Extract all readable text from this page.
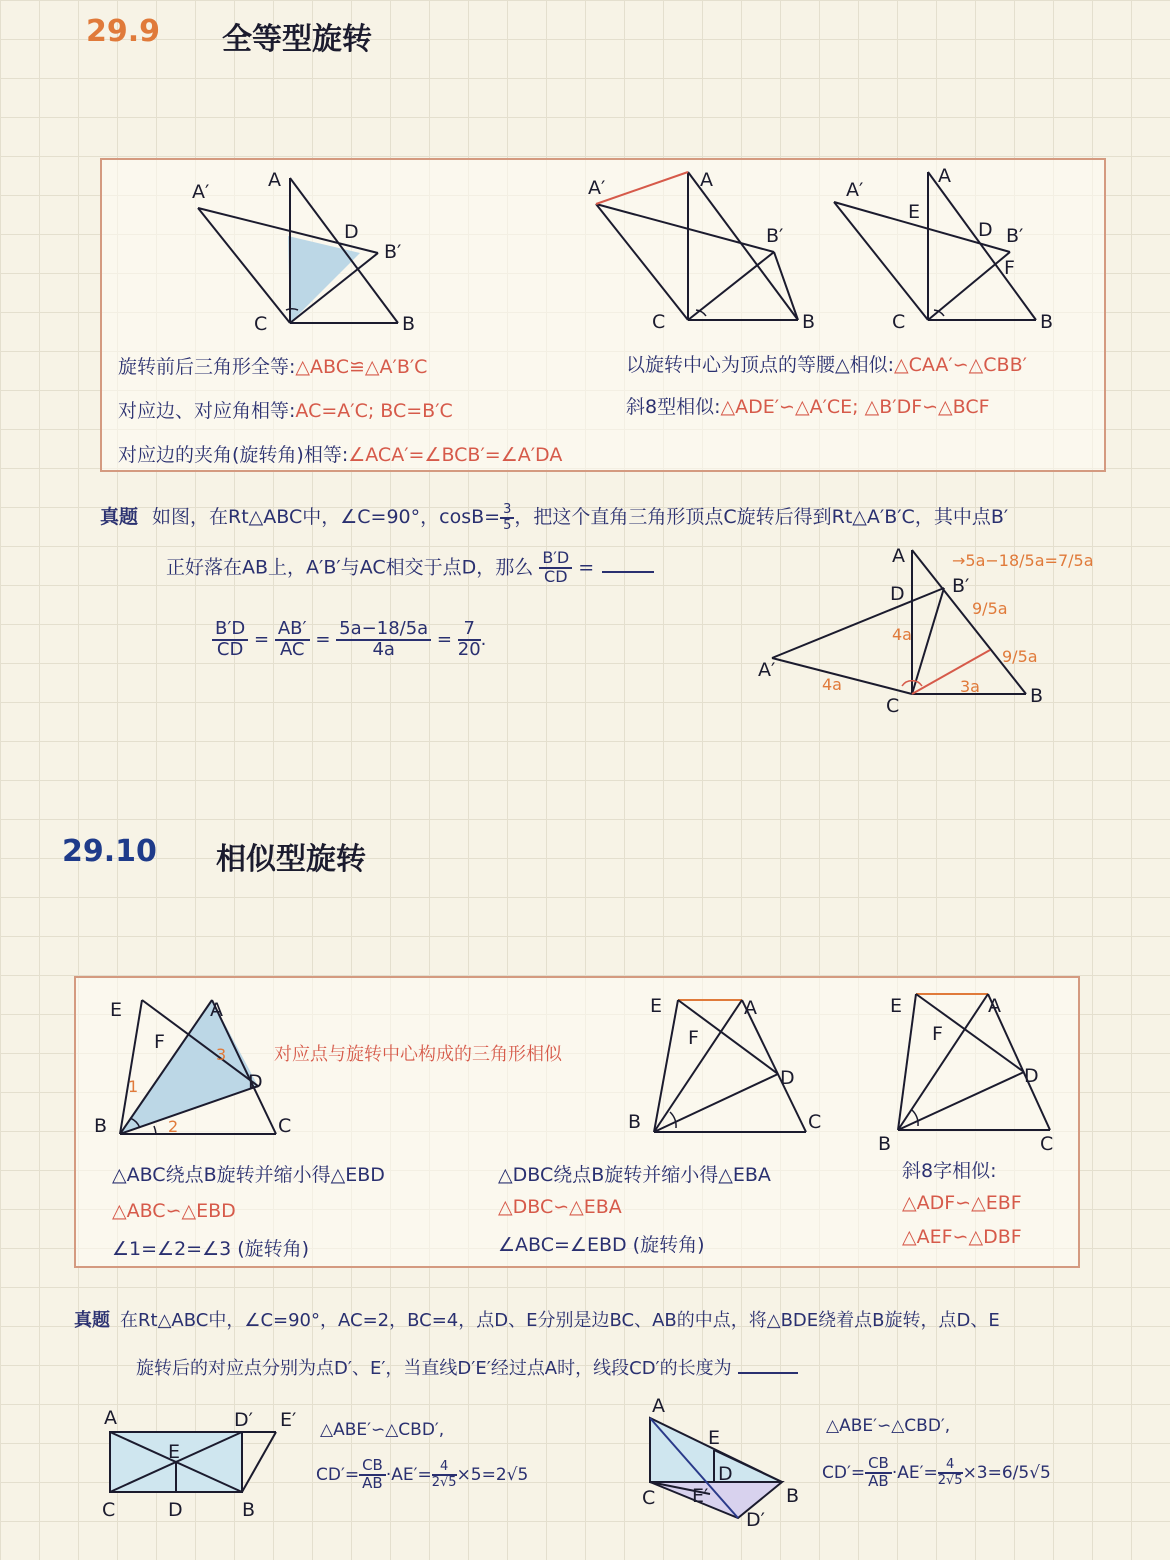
29.9 全等型旋转
A′
A
D
B′
C	B
A′	A
B′
C	B
A′
A
E
D B′
F
C	B
旋转前后三角形全等:△ABC≌△A′B′C
对应边、对应角相等:AC=A′C; BC=B′C
对应边的夹角(旋转角)相等:∠ACA′=∠BCB′=∠A′DA
以旋转中心为顶点的等腰△相似:△CAA′∽△CBB′
斜8型相似:△ADE′∽△A′CE; △B′DF∽△BCF
真题 如图，在Rt△ABC中，∠C=90°，$\cos B= \frac{3}{5}$ ，把这个直角三角形顶点C旋转后得到Rt△A′B′C，其中点B′
正好落在AB上，A′B′与AC相交于点D，那么 $\frac{B'D}{CD}$ =
$\frac{B'D}{CD} = \frac{AB'}{AC} = \frac{5a-18/5a}{4a} = \frac{7}{20}$ .
A
D B′
A′
C	B
→5a−18/5a=7/5a
9/5a
9/5a
4a
4a	3a
29.10 相似型旋转
E	A
F
D
B	C
1
2
3
E	A
F
D
B	C
E	A
F
D
B	C
对应点与旋转中心构成的三角形相似
△ABC绕点B旋转并缩小得△EBD
△ABC∽△EBD
∠1=∠2=∠3 (旋转角)
△DBC绕点B旋转并缩小得△EBA
△DBC∽△EBA
∠ABC=∠EBD (旋转角)
斜8字相似:
△ADF∽△EBF
△AEF∽△DBF
真题 在Rt△ABC中，∠C=90°，AC=2，BC=4，点D、E分别是边BC、AB的中点，将△BDE绕着点B旋转，点D、E
旋转后的对应点分别为点D′、E′，当直线D′E′经过点A时，线段CD′的长度为
A	D′ E′
E
C	D	B
△ABE′∽△CBD′,
$CD'= \frac{CB}{AB} \cdot AE'= \frac{4}{2√5} \times 5=2√5$
A
E
D
C E′	B
D′
△ABE′∽△CBD′,
$CD'= \frac{CB}{AB} \cdot AE'= \frac{4}{2√5} \times 3=6/5√5$
